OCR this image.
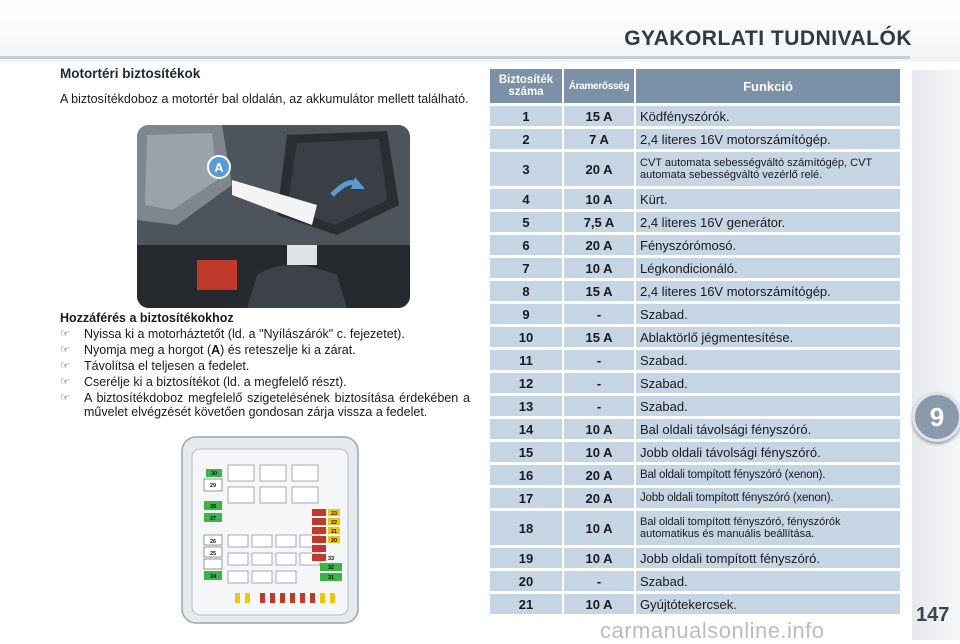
GYAKORLATI TUDNIVALÓK
9
147
carmanualsonline.info
Motortéri biztosítékok
A biztosítékdoboz a motortér bal oldalán, az akkumulátor mellett található.
A
Hozzáférés a biztosítékokhoz
☞ Nyissa ki a motorháztetőt (ld. a "Nyílászárók" c. fejezetet).
☞ Nyomja meg a horgot (A) és reteszelje ki a zárat.
☞ Távolítsa el teljesen a fedelet.
☞ Cserélje ki a biztosítékot (ld. a megfelelő részt).
☞ A biztosítékdoboz megfelelő szigetelésének biztosítása érdekében a művelet elvégzését követően gondosan zárja vissza a fedelet.
30
29
28
27
26
25
24
23
22
21
20
33
32
31
Biztosíték száma	Áramerősség	Funkció
1	15 A	Ködfényszórók.
2	7 A	2,4 literes 16V motorszámítógép.
3	20 A	CVT automata sebességváltó számítógép, CVT automata sebességváltó vezérlő relé.
4	10 A	Kürt.
5	7,5 A	2,4 literes 16V generátor.
6	20 A	Fényszórómosó.
7	10 A	Légkondicionáló.
8	15 A	2,4 literes 16V motorszámítógép.
9	-	Szabad.
10	15 A	Ablaktörlő jégmentesítése.
11	-	Szabad.
12	-	Szabad.
13	-	Szabad.
14	10 A	Bal oldali távolsági fényszóró.
15	10 A	Jobb oldali távolsági fényszóró.
16	20 A	Bal oldali tompított fényszóró (xenon).
17	20 A	Jobb oldali tompított fényszóró (xenon).
18	10 A	Bal oldali tompított fényszóró, fényszórók automatikus és manuális beállítása.
19	10 A	Jobb oldali tompított fényszóró.
20	-	Szabad.
21	10 A	Gyújtótekercsek.
